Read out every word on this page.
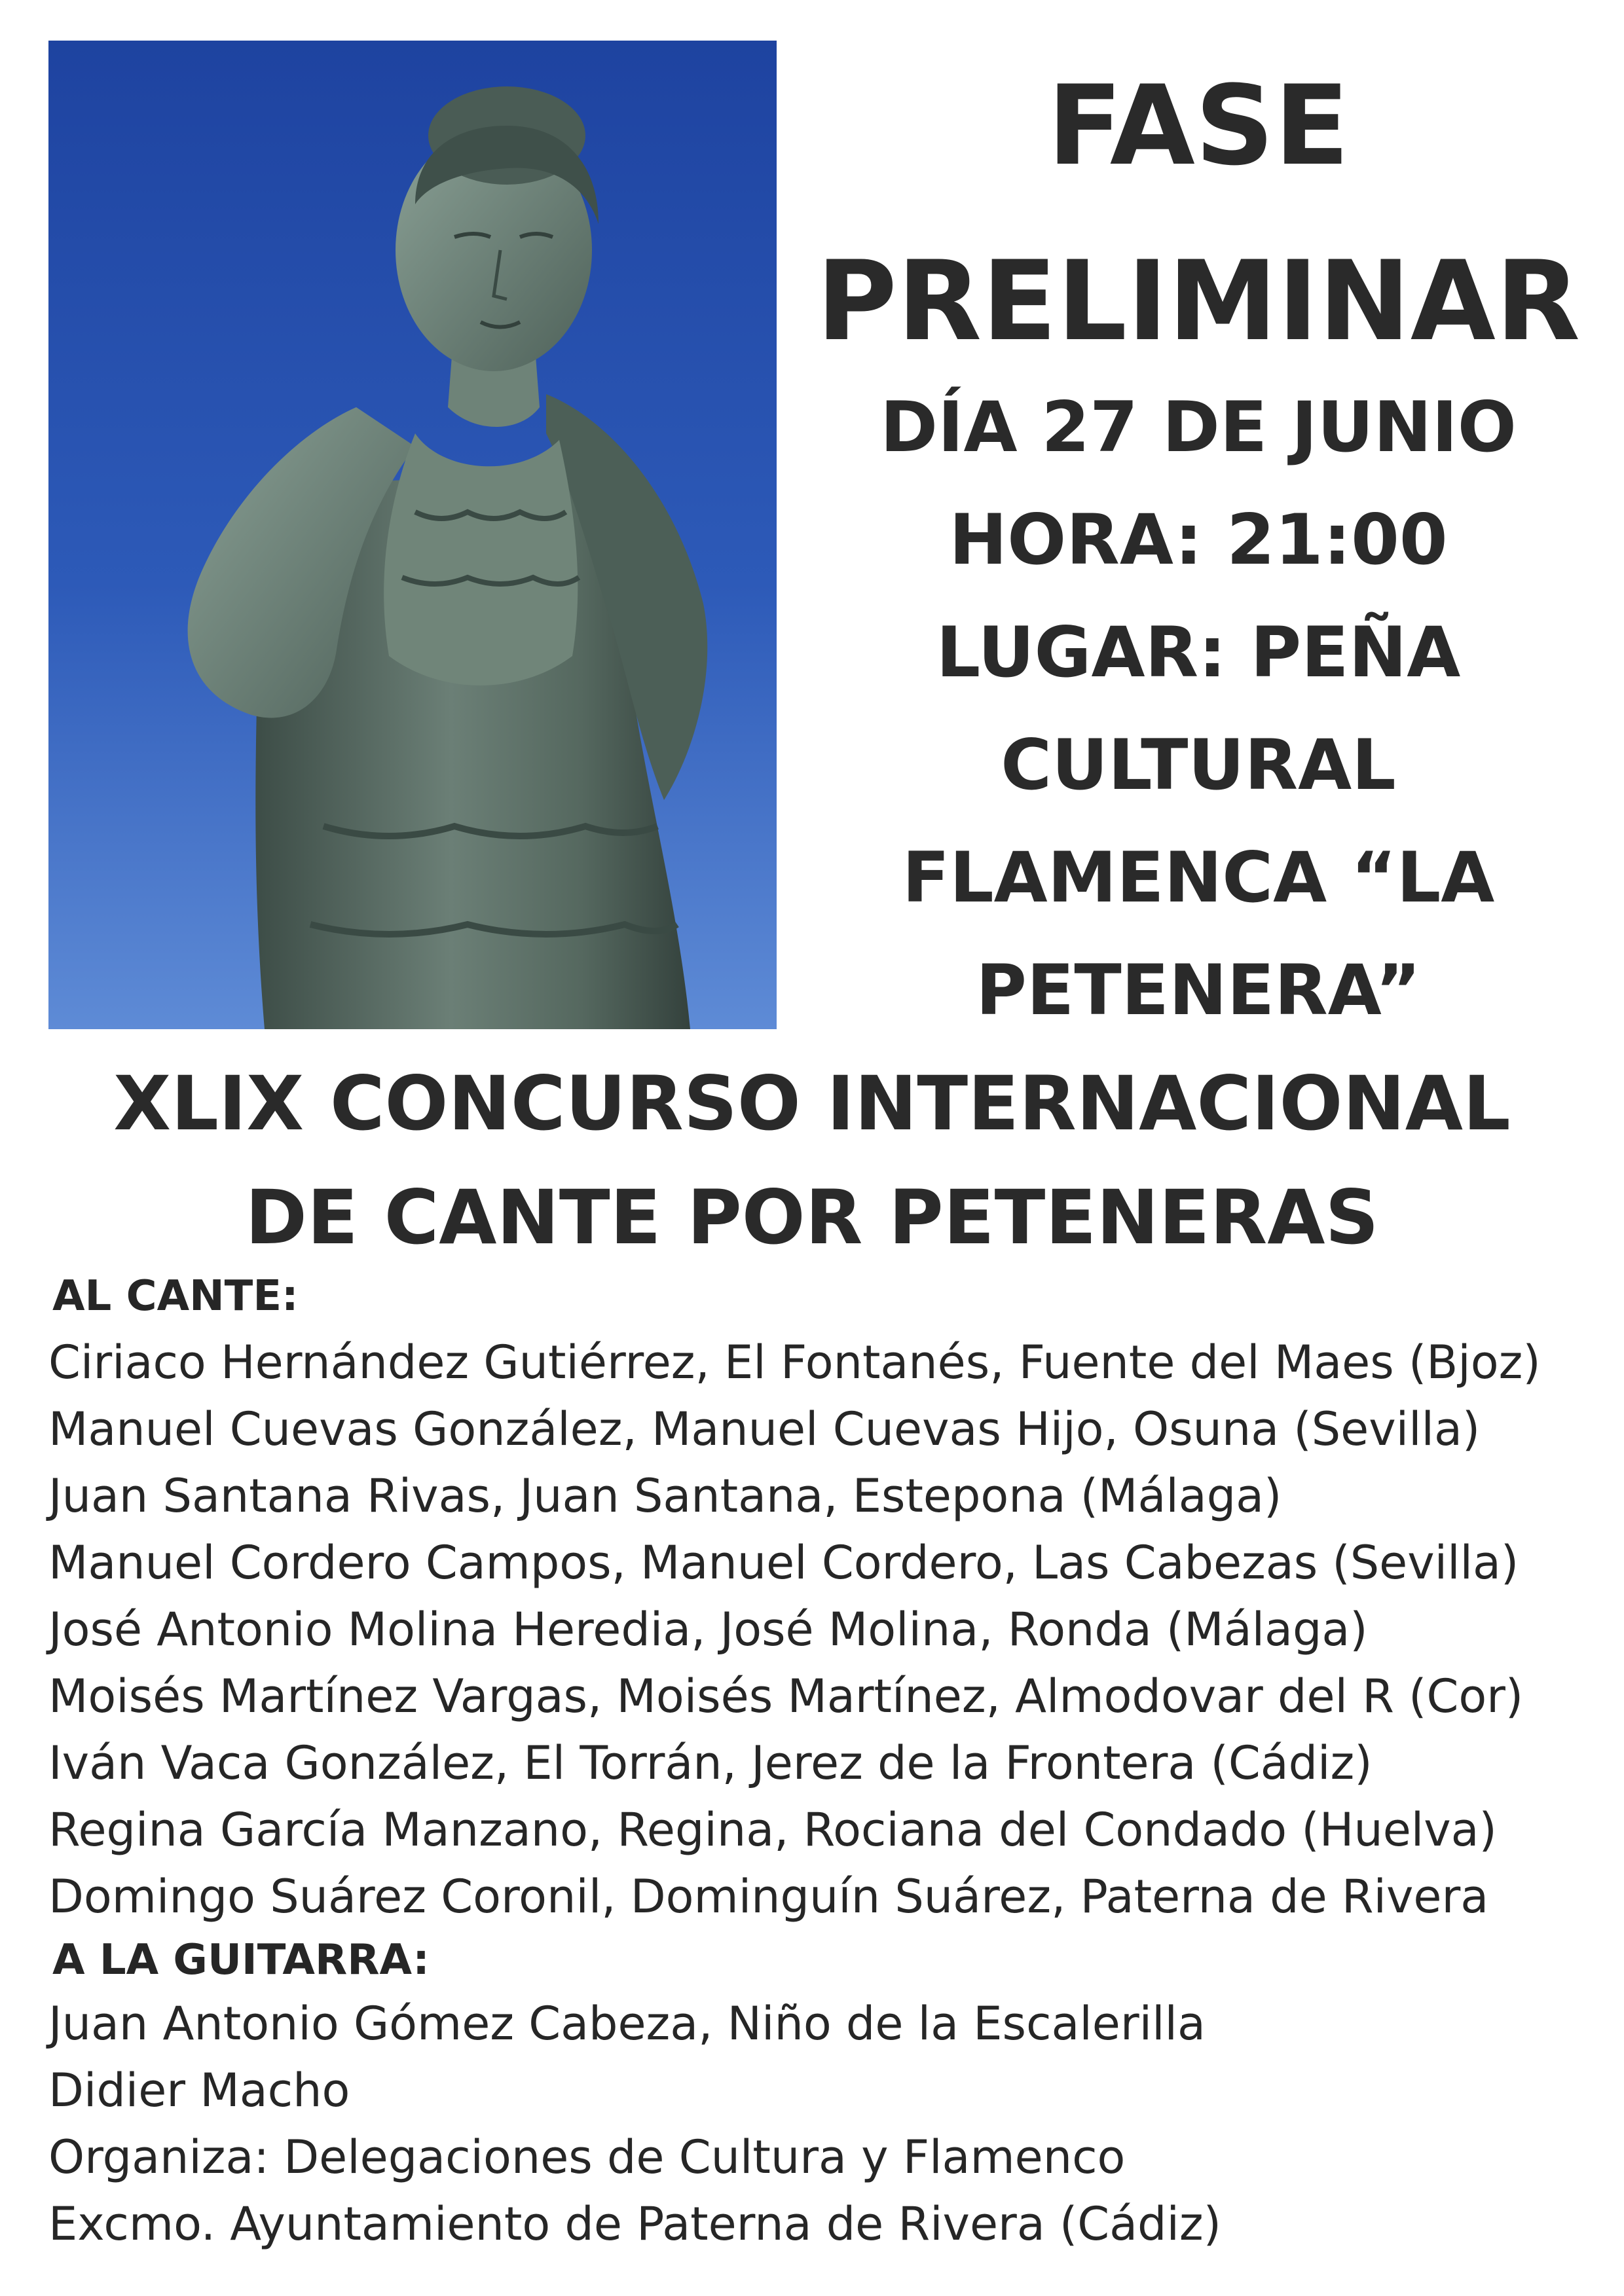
FASE
PRELIMINAR
DÍA 27 DE JUNIO
HORA: 21:00
LUGAR: PEÑA
CULTURAL
FLAMENCA “LA
PETENERA”
XLIX CONCURSO INTERNACIONAL
DE CANTE POR PETENERAS
AL CANTE:
Ciriaco Hernández Gutiérrez, El Fontanés, Fuente del Maes (Bjoz)
Manuel Cuevas González, Manuel Cuevas Hijo, Osuna (Sevilla)
Juan Santana Rivas, Juan Santana, Estepona (Málaga)
Manuel Cordero Campos, Manuel Cordero, Las Cabezas (Sevilla)
José Antonio Molina Heredia, José Molina, Ronda (Málaga)
Moisés Martínez Vargas, Moisés Martínez, Almodovar del R (Cor)
Iván Vaca González, El Torrán, Jerez de la Frontera (Cádiz)
Regina García Manzano, Regina, Rociana del Condado (Huelva)
Domingo Suárez Coronil, Dominguín Suárez, Paterna de Rivera
A LA GUITARRA:
Juan Antonio Gómez Cabeza, Niño de la Escalerilla
Didier Macho
Organiza: Delegaciones de Cultura y Flamenco
Excmo. Ayuntamiento de Paterna de Rivera (Cádiz)
